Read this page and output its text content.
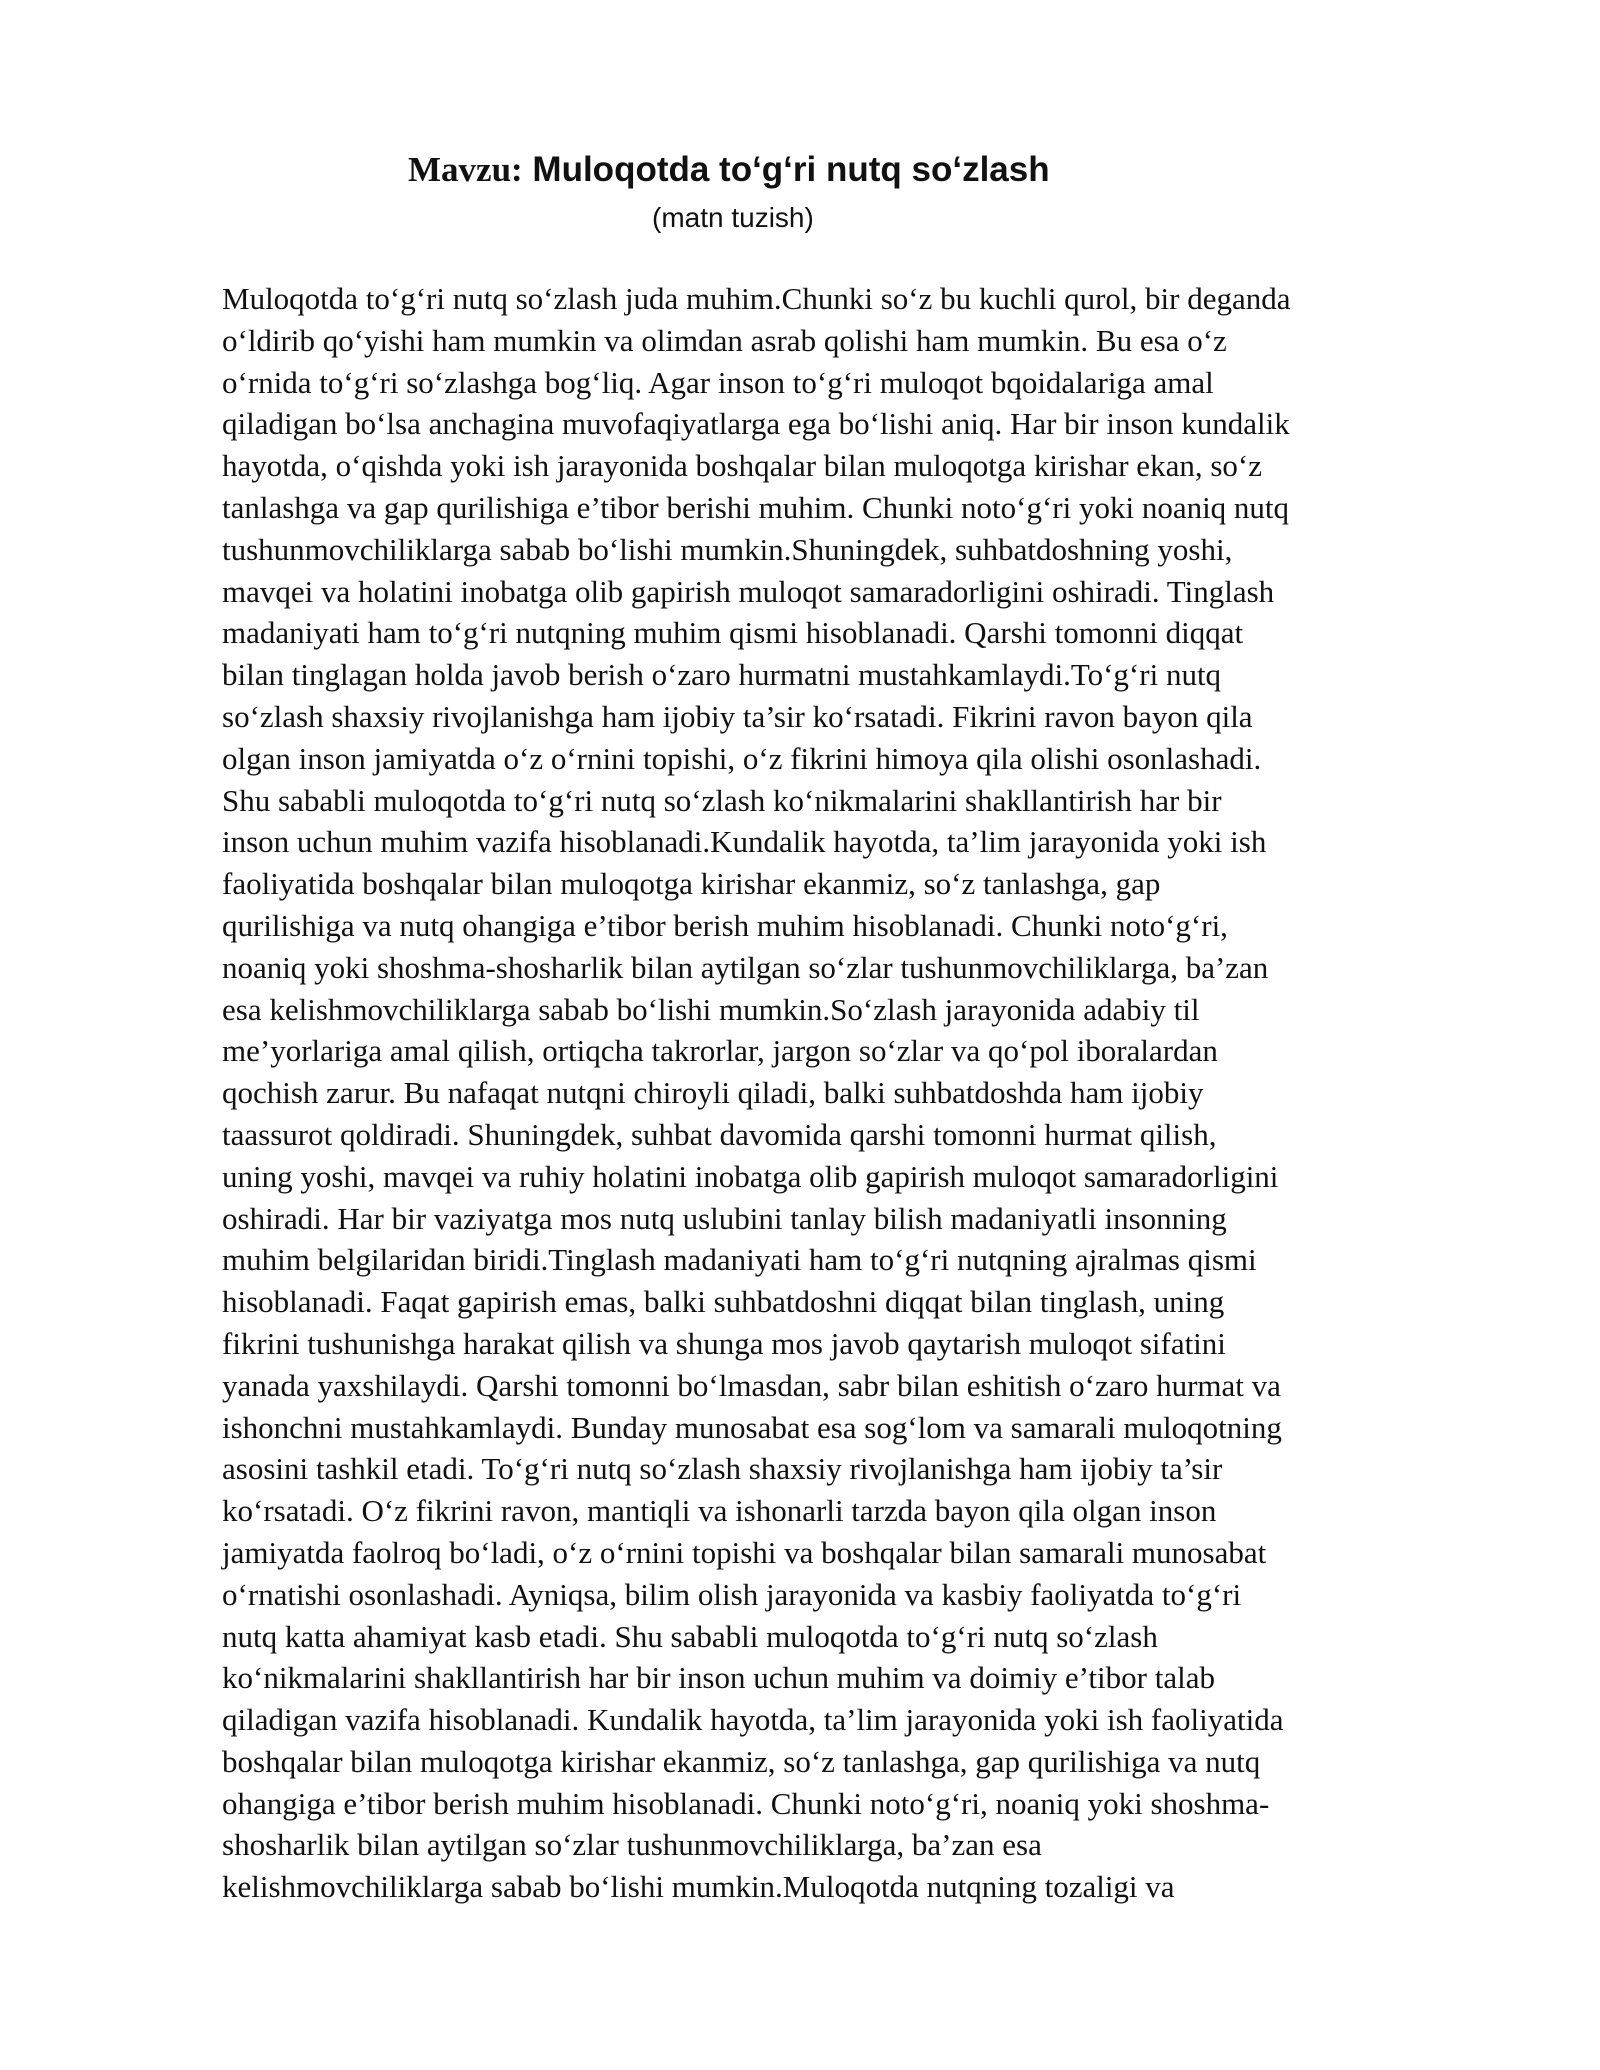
Mavzu: Muloqotda to‘g‘ri nutq so‘zlash
(matn tuzish)
Muloqotda to‘g‘ri nutq so‘zlash juda muhim.Chunki so‘z bu kuchli qurol, bir deganda
o‘ldirib qo‘yishi ham mumkin va olimdan asrab qolishi ham mumkin. Bu esa o‘z
o‘rnida to‘g‘ri so‘zlashga bog‘liq. Agar inson to‘g‘ri muloqot bqoidalariga amal
qiladigan bo‘lsa anchagina muvofaqiyatlarga ega bo‘lishi aniq. Har bir inson kundalik
hayotda, o‘qishda yoki ish jarayonida boshqalar bilan muloqotga kirishar ekan, so‘z
tanlashga va gap qurilishiga e’tibor berishi muhim. Chunki noto‘g‘ri yoki noaniq nutq
tushunmovchiliklarga sabab bo‘lishi mumkin.Shuningdek, suhbatdoshning yoshi,
mavqei va holatini inobatga olib gapirish muloqot samaradorligini oshiradi. Tinglash
madaniyati ham to‘g‘ri nutqning muhim qismi hisoblanadi. Qarshi tomonni diqqat
bilan tinglagan holda javob berish o‘zaro hurmatni mustahkamlaydi.To‘g‘ri nutq
so‘zlash shaxsiy rivojlanishga ham ijobiy ta’sir ko‘rsatadi. Fikrini ravon bayon qila
olgan inson jamiyatda o‘z o‘rnini topishi, o‘z fikrini himoya qila olishi osonlashadi.
Shu sababli muloqotda to‘g‘ri nutq so‘zlash ko‘nikmalarini shakllantirish har bir
inson uchun muhim vazifa hisoblanadi.Kundalik hayotda, ta’lim jarayonida yoki ish
faoliyatida boshqalar bilan muloqotga kirishar ekanmiz, so‘z tanlashga, gap
qurilishiga va nutq ohangiga e’tibor berish muhim hisoblanadi. Chunki noto‘g‘ri,
noaniq yoki shoshma-shosharlik bilan aytilgan so‘zlar tushunmovchiliklarga, ba’zan
esa kelishmovchiliklarga sabab bo‘lishi mumkin.So‘zlash jarayonida adabiy til
me’yorlariga amal qilish, ortiqcha takrorlar, jargon so‘zlar va qo‘pol iboralardan
qochish zarur. Bu nafaqat nutqni chiroyli qiladi, balki suhbatdoshda ham ijobiy
taassurot qoldiradi. Shuningdek, suhbat davomida qarshi tomonni hurmat qilish,
uning yoshi, mavqei va ruhiy holatini inobatga olib gapirish muloqot samaradorligini
oshiradi. Har bir vaziyatga mos nutq uslubini tanlay bilish madaniyatli insonning
muhim belgilaridan biridi.Tinglash madaniyati ham to‘g‘ri nutqning ajralmas qismi
hisoblanadi. Faqat gapirish emas, balki suhbatdoshni diqqat bilan tinglash, uning
fikrini tushunishga harakat qilish va shunga mos javob qaytarish muloqot sifatini
yanada yaxshilaydi. Qarshi tomonni bo‘lmasdan, sabr bilan eshitish o‘zaro hurmat va
ishonchni mustahkamlaydi. Bunday munosabat esa sog‘lom va samarali muloqotning
asosini tashkil etadi. To‘g‘ri nutq so‘zlash shaxsiy rivojlanishga ham ijobiy ta’sir
ko‘rsatadi. O‘z fikrini ravon, mantiqli va ishonarli tarzda bayon qila olgan inson
jamiyatda faolroq bo‘ladi, o‘z o‘rnini topishi va boshqalar bilan samarali munosabat
o‘rnatishi osonlashadi. Ayniqsa, bilim olish jarayonida va kasbiy faoliyatda to‘g‘ri
nutq katta ahamiyat kasb etadi. Shu sababli muloqotda to‘g‘ri nutq so‘zlash
ko‘nikmalarini shakllantirish har bir inson uchun muhim va doimiy e’tibor talab
qiladigan vazifa hisoblanadi. Kundalik hayotda, ta’lim jarayonida yoki ish faoliyatida
boshqalar bilan muloqotga kirishar ekanmiz, so‘z tanlashga, gap qurilishiga va nutq
ohangiga e’tibor berish muhim hisoblanadi. Chunki noto‘g‘ri, noaniq yoki shoshma-
shosharlik bilan aytilgan so‘zlar tushunmovchiliklarga, ba’zan esa
kelishmovchiliklarga sabab bo‘lishi mumkin.Muloqotda nutqning tozaligi va
